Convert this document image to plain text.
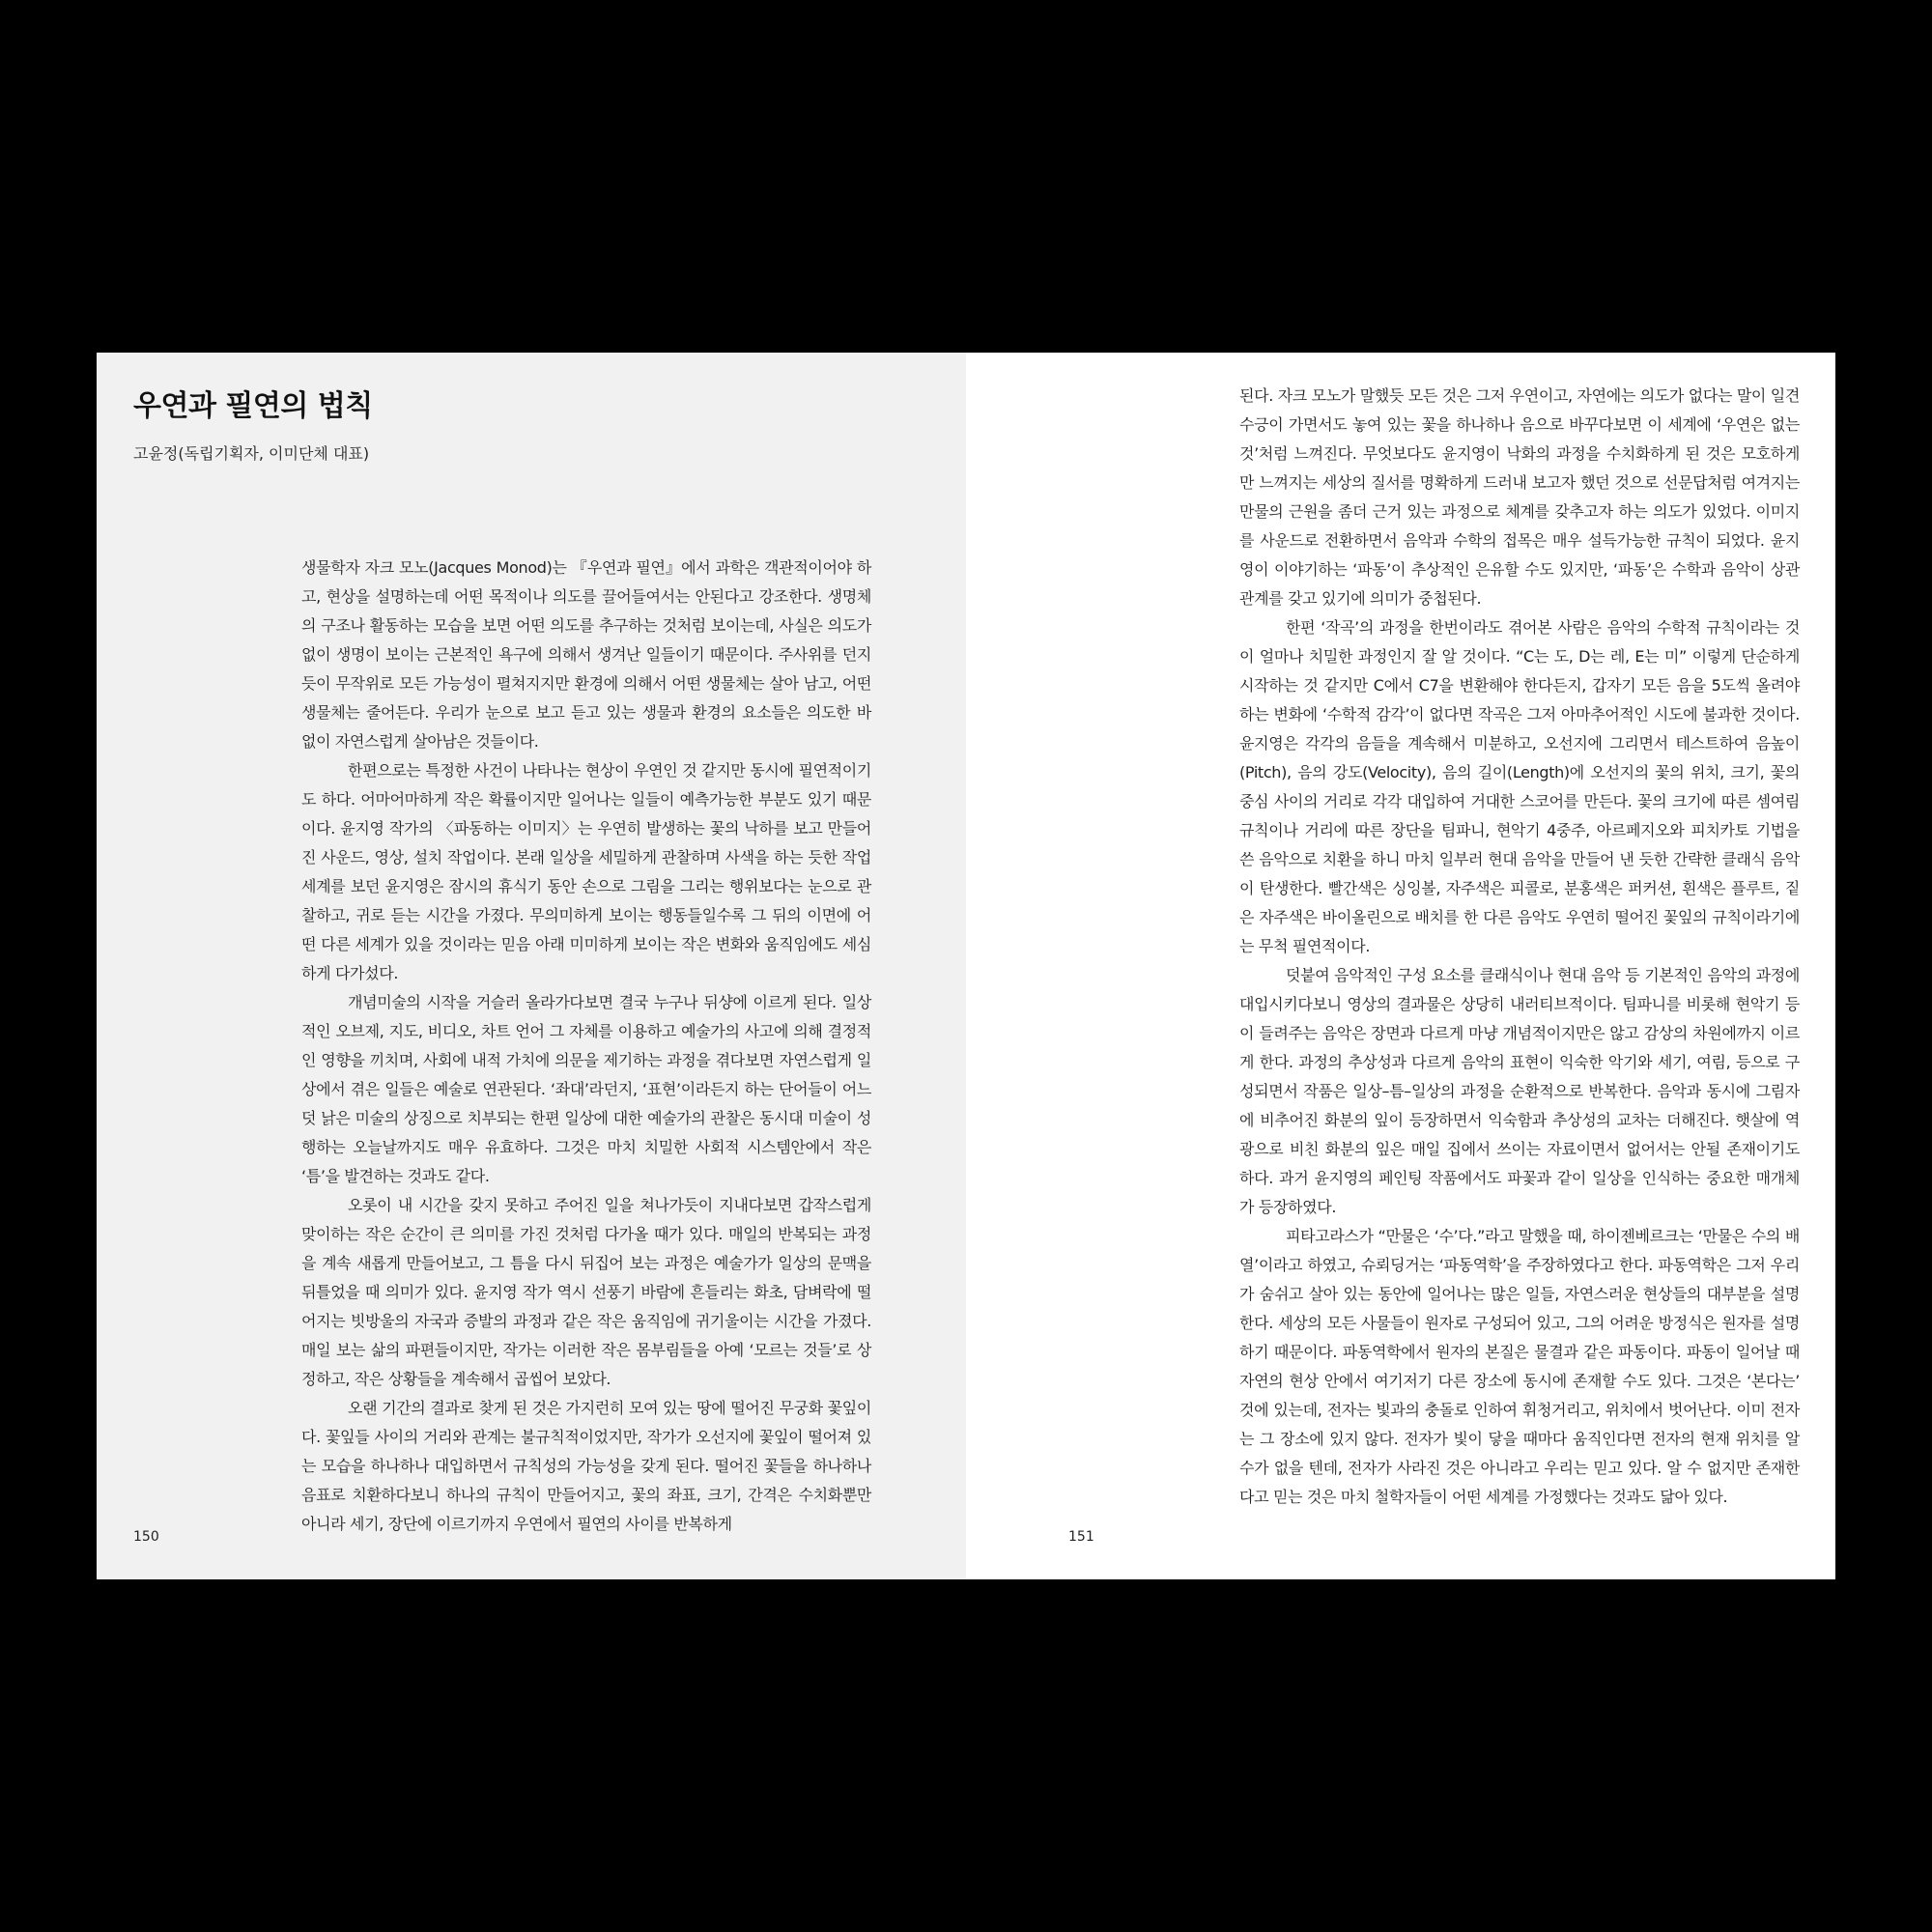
우연과 필연의 법칙

고윤정(독립기획자, 이미단체 대표)

생물학자 자크 모노(Jacques Monod)는 『우연과 필연』에서 과학은 객관적이어야 하고, 현상을 설명하는데 어떤 목적이나 의도를 끌어들여서는 안된다고 강조한다. 생명체의 구조나 활동하는 모습을 보면 어떤 의도를 추구하는 것처럼 보이는데, 사실은 의도가 없이 생명이 보이는 근본적인 욕구에 의해서 생겨난 일들이기 때문이다. 주사위를 던지듯이 무작위로 모든 가능성이 펼쳐지지만 환경에 의해서 어떤 생물체는 살아 남고, 어떤 생물체는 줄어든다. 우리가 눈으로 보고 듣고 있는 생물과 환경의 요소들은 의도한 바 없이 자연스럽게 살아남은 것들이다.

한편으로는 특정한 사건이 나타나는 현상이 우연인 것 같지만 동시에 필연적이기도 하다. 어마어마하게 작은 확률이지만 일어나는 일들이 예측가능한 부분도 있기 때문이다. 윤지영 작가의 〈파동하는 이미지〉는 우연히 발생하는 꽃의 낙하를 보고 만들어진 사운드, 영상, 설치 작업이다. 본래 일상을 세밀하게 관찰하며 사색을 하는 듯한 작업 세계를 보던 윤지영은 잠시의 휴식기 동안 손으로 그림을 그리는 행위보다는 눈으로 관찰하고, 귀로 듣는 시간을 가졌다. 무의미하게 보이는 행동들일수록 그 뒤의 이면에 어떤 다른 세계가 있을 것이라는 믿음 아래 미미하게 보이는 작은 변화와 움직임에도 세심하게 다가섰다.

개념미술의 시작을 거슬러 올라가다보면 결국 누구나 뒤샹에 이르게 된다. 일상적인 오브제, 지도, 비디오, 차트 언어 그 자체를 이용하고 예술가의 사고에 의해 결정적인 영향을 끼치며, 사회에 내적 가치에 의문을 제기하는 과정을 겪다보면 자연스럽게 일상에서 겪은 일들은 예술로 연관된다. ‘좌대’라던지, ‘표현’이라든지 하는 단어들이 어느덧 낡은 미술의 상징으로 치부되는 한편 일상에 대한 예술가의 관찰은 동시대 미술이 성행하는 오늘날까지도 매우 유효하다. 그것은 마치 치밀한 사회적 시스템안에서 작은 ‘틈’을 발견하는 것과도 같다.

오롯이 내 시간을 갖지 못하고 주어진 일을 쳐나가듯이 지내다보면 갑작스럽게 맞이하는 작은 순간이 큰 의미를 가진 것처럼 다가올 때가 있다. 매일의 반복되는 과정을 계속 새롭게 만들어보고, 그 틈을 다시 뒤집어 보는 과정은 예술가가 일상의 문맥을 뒤틀었을 때 의미가 있다. 윤지영 작가 역시 선풍기 바람에 흔들리는 화초, 담벼락에 떨어지는 빗방울의 자국과 증발의 과정과 같은 작은 움직임에 귀기울이는 시간을 가졌다. 매일 보는 삶의 파편들이지만, 작가는 이러한 작은 몸부림들을 아예 ‘모르는 것들’로 상정하고, 작은 상황들을 계속해서 곱씹어 보았다.

오랜 기간의 결과로 찾게 된 것은 가지런히 모여 있는 땅에 떨어진 무궁화 꽃잎이다. 꽃잎들 사이의 거리와 관계는 불규칙적이었지만, 작가가 오선지에 꽃잎이 떨어져 있는 모습을 하나하나 대입하면서 규칙성의 가능성을 갖게 된다. 떨어진 꽃들을 하나하나 음표로 치환하다보니 하나의 규칙이 만들어지고, 꽃의 좌표, 크기, 간격은 수치화뿐만 아니라 세기, 장단에 이르기까지 우연에서 필연의 사이를 반복하게

150

된다. 자크 모노가 말했듯 모든 것은 그저 우연이고, 자연에는 의도가 없다는 말이 일견 수긍이 가면서도 놓여 있는 꽃을 하나하나 음으로 바꾸다보면 이 세계에 ‘우연은 없는 것’처럼 느껴진다. 무엇보다도 윤지영이 낙화의 과정을 수치화하게 된 것은 모호하게만 느껴지는 세상의 질서를 명확하게 드러내 보고자 했던 것으로 선문답처럼 여겨지는 만물의 근원을 좀더 근거 있는 과정으로 체계를 갖추고자 하는 의도가 있었다. 이미지를 사운드로 전환하면서 음악과 수학의 접목은 매우 설득가능한 규칙이 되었다. 윤지영이 이야기하는 ‘파동’이 추상적인 은유할 수도 있지만, ‘파동’은 수학과 음악이 상관관계를 갖고 있기에 의미가 중첩된다.

한편 ‘작곡’의 과정을 한번이라도 겪어본 사람은 음악의 수학적 규칙이라는 것이 얼마나 치밀한 과정인지 잘 알 것이다. “C는 도, D는 레, E는 미” 이렇게 단순하게 시작하는 것 같지만 C에서 C7을 변환해야 한다든지, 갑자기 모든 음을 5도씩 올려야 하는 변화에 ‘수학적 감각’이 없다면 작곡은 그저 아마추어적인 시도에 불과한 것이다. 윤지영은 각각의 음들을 계속해서 미분하고, 오선지에 그리면서 테스트하여 음높이(Pitch), 음의 강도(Velocity), 음의 길이(Length)에 오선지의 꽃의 위치, 크기, 꽃의 중심 사이의 거리로 각각 대입하여 거대한 스코어를 만든다. 꽃의 크기에 따른 셈여림 규칙이나 거리에 따른 장단을 팀파니, 현악기 4중주, 아르페지오와 피치카토 기법을 쓴 음악으로 치환을 하니 마치 일부러 현대 음악을 만들어 낸 듯한 간략한 클래식 음악이 탄생한다. 빨간색은 싱잉볼, 자주색은 피콜로, 분홍색은 퍼커션, 흰색은 플루트, 짙은 자주색은 바이올린으로 배치를 한 다른 음악도 우연히 떨어진 꽃잎의 규칙이라기에는 무척 필연적이다.

덧붙여 음악적인 구성 요소를 클래식이나 현대 음악 등 기본적인 음악의 과정에 대입시키다보니 영상의 결과물은 상당히 내러티브적이다. 팀파니를 비롯해 현악기 등이 들려주는 음악은 장면과 다르게 마냥 개념적이지만은 않고 감상의 차원에까지 이르게 한다. 과정의 추상성과 다르게 음악의 표현이 익숙한 악기와 세기, 여림, 등으로 구성되면서 작품은 일상–틈–일상의 과정을 순환적으로 반복한다. 음악과 동시에 그림자에 비추어진 화분의 잎이 등장하면서 익숙함과 추상성의 교차는 더해진다. 햇살에 역광으로 비친 화분의 잎은 매일 집에서 쓰이는 자료이면서 없어서는 안될 존재이기도 하다. 과거 윤지영의 페인팅 작품에서도 파꽃과 같이 일상을 인식하는 중요한 매개체가 등장하였다.

피타고라스가 “만물은 ‘수’다.”라고 말했을 때, 하이젠베르크는 ‘만물은 수의 배열’이라고 하였고, 슈뢰딩거는 ‘파동역학’을 주장하였다고 한다. 파동역학은 그저 우리가 숨쉬고 살아 있는 동안에 일어나는 많은 일들, 자연스러운 현상들의 대부분을 설명한다. 세상의 모든 사물들이 원자로 구성되어 있고, 그의 어려운 방정식은 원자를 설명하기 때문이다. 파동역학에서 원자의 본질은 물결과 같은 파동이다. 파동이 일어날 때 자연의 현상 안에서 여기저기 다른 장소에 동시에 존재할 수도 있다. 그것은 ‘본다는’ 것에 있는데, 전자는 빛과의 충돌로 인하여 휘청거리고, 위치에서 벗어난다. 이미 전자는 그 장소에 있지 않다. 전자가 빛이 닿을 때마다 움직인다면 전자의 현재 위치를 알 수가 없을 텐데, 전자가 사라진 것은 아니라고 우리는 믿고 있다. 알 수 없지만 존재한다고 믿는 것은 마치 철학자들이 어떤 세계를 가정했다는 것과도 닮아 있다.

151
